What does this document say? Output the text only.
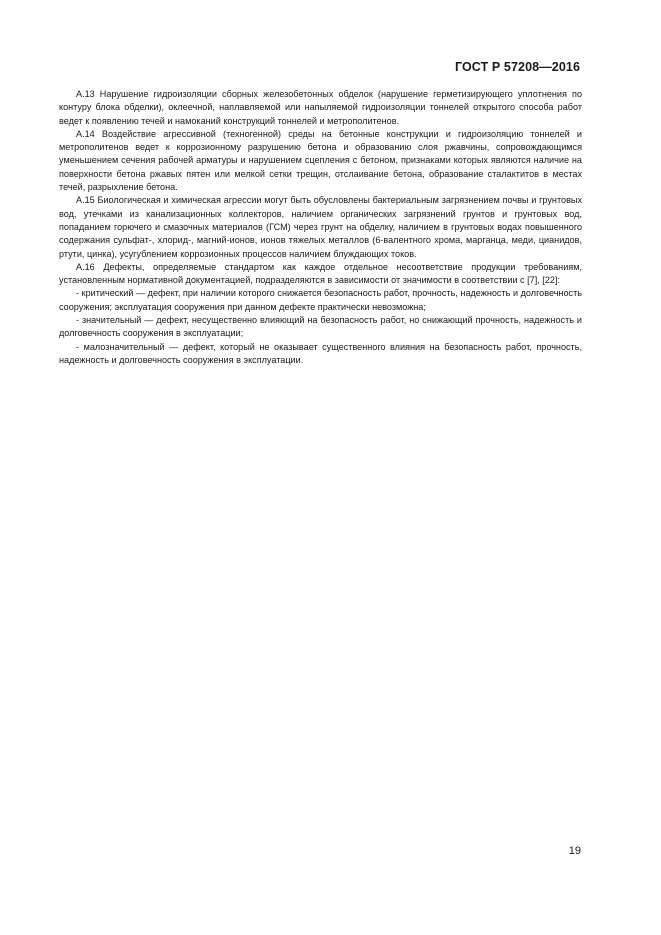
ГОСТ Р 57208—2016

А.13 Нарушение гидроизоляции сборных железобетонных обделок (нарушение герметизирующего уплотнения по контуру блока обделки), оклеечной, наплавляемой или напыляемой гидроизоляции тоннелей открытого способа работ ведет к появлению течей и намоканий конструкций тоннелей и метрополитенов.

А.14 Воздействие агрессивной (техногенной) среды на бетонные конструкции и гидроизоляцию тоннелей и метрополитенов ведет к коррозионному разрушению бетона и образованию слоя ржавчины, сопровождающимся уменьшением сечения рабочей арматуры и нарушением сцепления с бетоном, признаками которых являются наличие на поверхности бетона ржавых пятен или мелкой сетки трещин, отслаивание бетона, образование сталактитов в местах течей, разрыхление бетона.

А.15 Биологическая и химическая агрессии могут быть обусловлены бактериальным загрязнением почвы и грунтовых вод, утечками из канализационных коллекторов, наличием органических загрязнений грунтов и грунтовых вод, попаданием горючего и смазочных материалов (ГСМ) через грунт на обделку, наличием в грунтовых водах повышенного содержания сульфат-, хлорид-, магний-ионов, ионов тяжелых металлов (6-валентного хрома, марганца, меди, цианидов, ртути, цинка), усугублением коррозионных процессов наличием блуждающих токов.

А.16 Дефекты, определяемые стандартом как каждое отдельное несоответствие продукции требованиям, установленным нормативной документацией, подразделяются в зависимости от значимости в соответствии с [7], [22]:

- критический — дефект, при наличии которого снижается безопасность работ, прочность, надежность и долговечность сооружения; эксплуатация сооружения при данном дефекте практически невозможна;

- значительный — дефект, несущественно влияющий на безопасность работ, но снижающий прочность, надежность и долговечность сооружения в эксплуатации;

- малозначительный — дефект, который не оказывает существенного влияния на безопасность работ, прочность, надежность и долговечность сооружения в эксплуатации.

19
